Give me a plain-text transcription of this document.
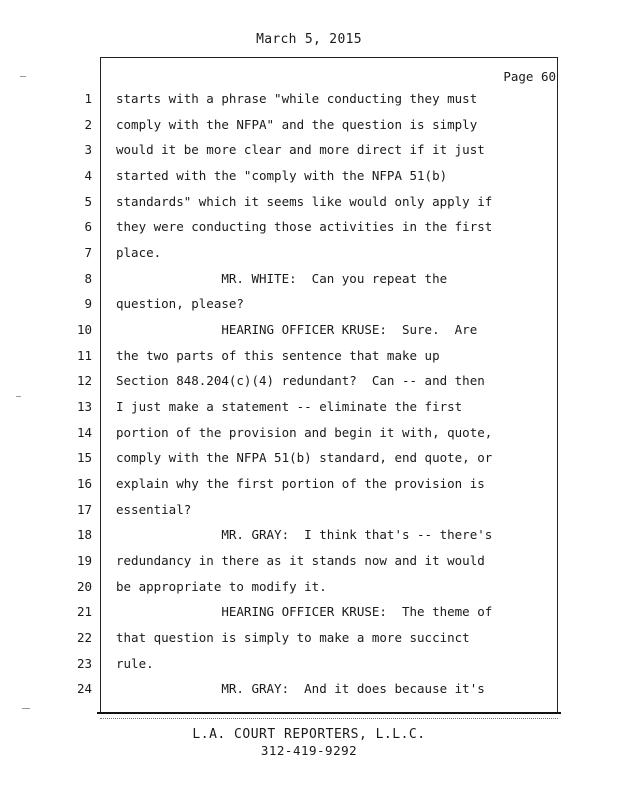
March 5, 2015
Page 60
1 starts with a phrase "while conducting they must
2 comply with the NFPA" and the question is simply
3 would it be more clear and more direct if it just
4 started with the "comply with the NFPA 51(b)
5 standards" which it seems like would only apply if
6 they were conducting those activities in the first
7 place.
8 MR. WHITE:  Can you repeat the
9 question, please?
10 HEARING OFFICER KRUSE:  Sure.  Are
11 the two parts of this sentence that make up
12 Section 848.204(c)(4) redundant?  Can -- and then
13 I just make a statement -- eliminate the first
14 portion of the provision and begin it with, quote,
15 comply with the NFPA 51(b) standard, end quote, or
16 explain why the first portion of the provision is
17 essential?
18 MR. GRAY:  I think that's -- there's
19 redundancy in there as it stands now and it would
20 be appropriate to modify it.
21 HEARING OFFICER KRUSE:  The theme of
22 that question is simply to make a more succinct
23 rule.
24 MR. GRAY:  And it does because it's
L.A. COURT REPORTERS, L.L.C.
312-419-9292
